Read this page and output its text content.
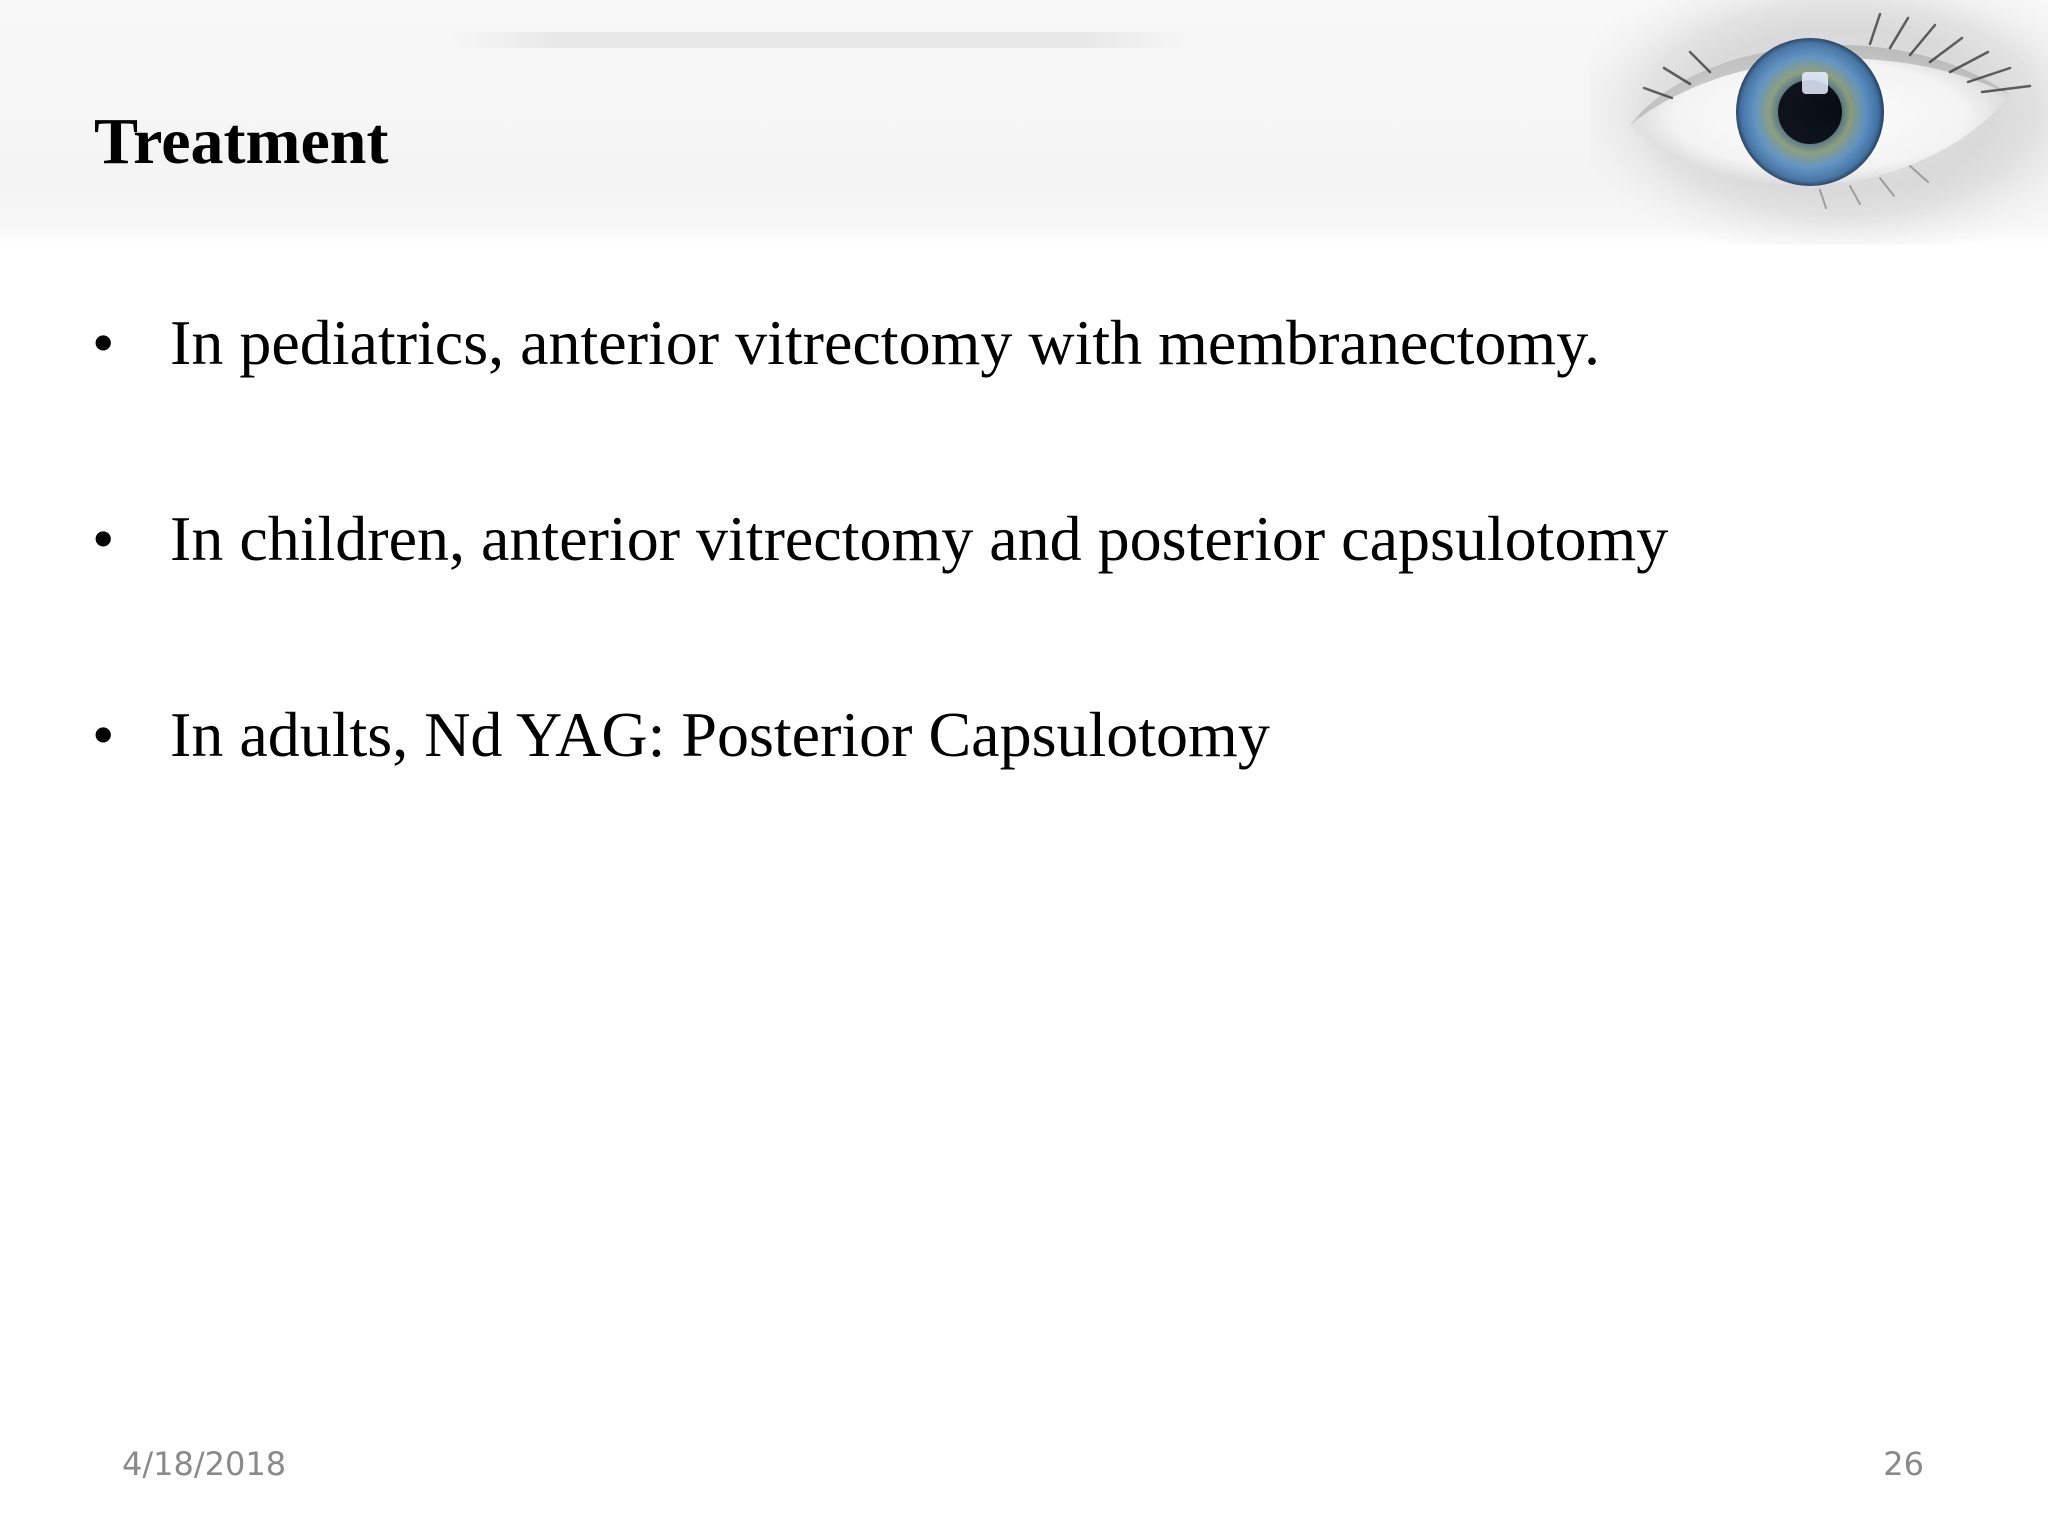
Treatment
• In pediatrics, anterior vitrectomy with membranectomy.
• In children, anterior vitrectomy and posterior capsulotomy
• In adults, Nd YAG: Posterior Capsulotomy
4/18/2018	26
